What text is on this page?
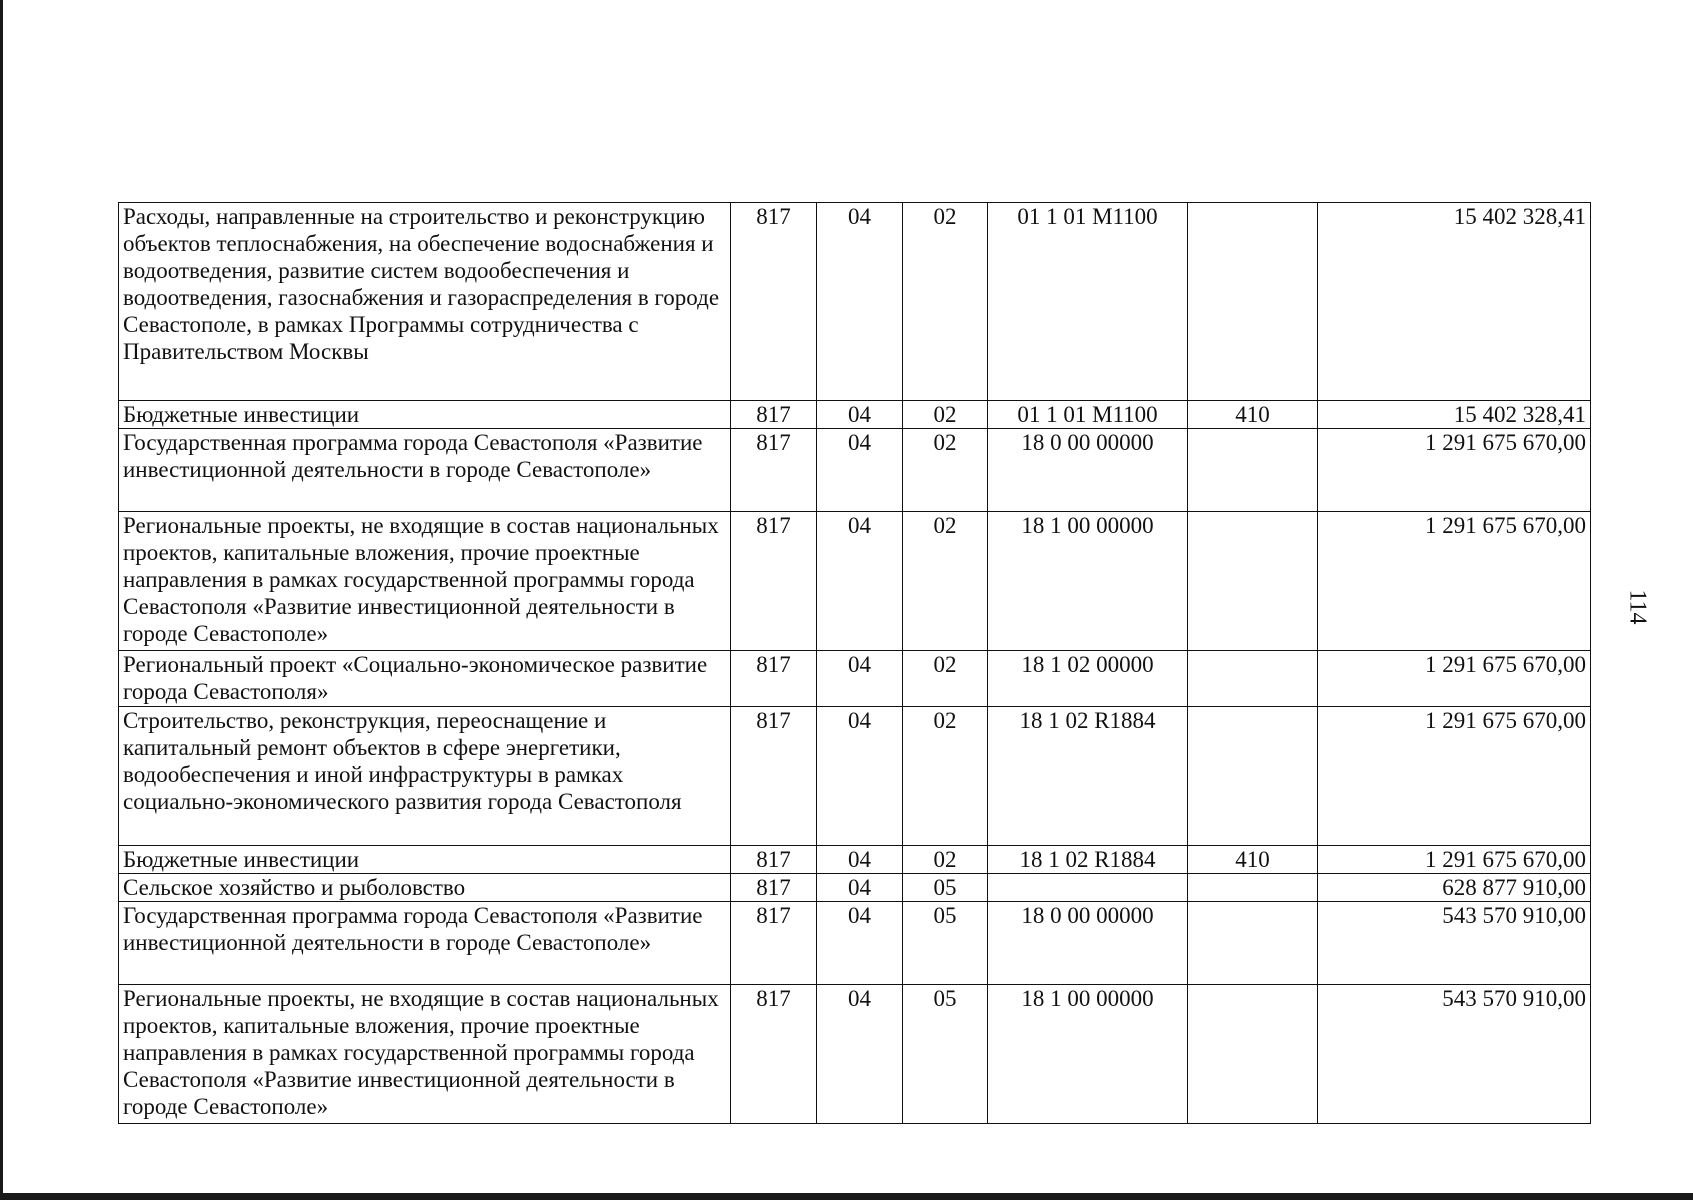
114
Расходы, направленные на строительство и реконструкцию объектов теплоснабжения, на обеспечение водоснабжения и водоотведения, развитие систем водообеспечения и водоотведения, газоснабжения и газораспределения в городе Севастополе, в рамках Программы сотрудничества с Правительством Москвы	817	04	02	01 1 01 M1100		15 402 328,41
Бюджетные инвестиции	817	04	02	01 1 01 M1100	410	15 402 328,41
Государственная программа города Севастополя «Развитие инвестиционной деятельности в городе Севастополе»	817	04	02	18 0 00 00000		1 291 675 670,00
Региональные проекты, не входящие в состав национальных проектов, капитальные вложения, прочие проектные направления в рамках государственной программы города Севастополя «Развитие инвестиционной деятельности в городе Севастополе»	817	04	02	18 1 00 00000		1 291 675 670,00
Региональный проект «Социально-экономическое развитие города Севастополя»	817	04	02	18 1 02 00000		1 291 675 670,00
Строительство, реконструкция, переоснащение и капитальный ремонт объектов в сфере энергетики, водообеспечения и иной инфраструктуры в рамках социально-экономического развития города Севастополя	817	04	02	18 1 02 R1884		1 291 675 670,00
Бюджетные инвестиции	817	04	02	18 1 02 R1884	410	1 291 675 670,00
Сельское хозяйство и рыболовство	817	04	05			628 877 910,00
Государственная программа города Севастополя «Развитие инвестиционной деятельности в городе Севастополе»	817	04	05	18 0 00 00000		543 570 910,00
Региональные проекты, не входящие в состав национальных проектов, капитальные вложения, прочие проектные направления в рамках государственной программы города Севастополя «Развитие инвестиционной деятельности в городе Севастополе»	817	04	05	18 1 00 00000		543 570 910,00
